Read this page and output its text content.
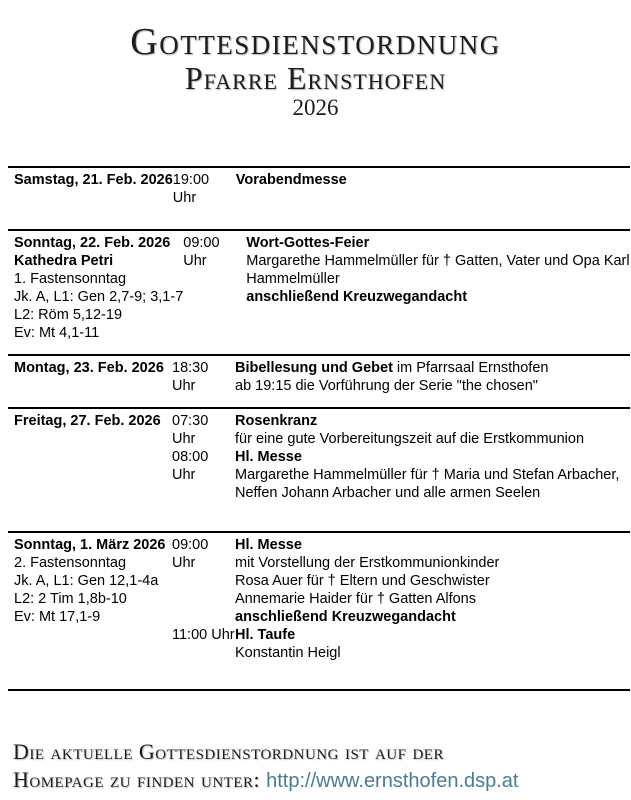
Gottesdienstordnung
Pfarre Ernsthofen
2026
Samstag, 21. Feb. 2026 19:00 Uhr
Vorabendmesse
Sonntag, 22. Feb. 2026
Kathedra Petri
1. Fastensonntag
Jk. A, L1: Gen 2,7-9; 3,1-7
L2: Röm 5,12-19
Ev: Mt 4,1-11
09:00 Uhr
Wort-Gottes-Feier
Margarethe Hammelmüller für † Gatten, Vater und Opa Karl Hammelmüller
anschließend Kreuzwegandacht
Montag, 23. Feb. 2026 18:30 Uhr
Bibellesung und Gebet im Pfarrsaal Ernsthofen
ab 19:15 die Vorführung der Serie "the chosen"
Freitag, 27. Feb. 2026 07:30 Uhr
Rosenkranz
für eine gute Vorbereitungszeit auf die Erstkommunion
08:00 Uhr
Hl. Messe
Margarethe Hammelmüller für † Maria und Stefan Arbacher, Neffen Johann Arbacher und alle armen Seelen
Sonntag, 1. März 2026
2. Fastensonntag
Jk. A, L1: Gen 12,1-4a
L2: 2 Tim 1,8b-10
Ev: Mt 17,1-9
09:00 Uhr
Hl. Messe
mit Vorstellung der Erstkommunionkinder
Rosa Auer für † Eltern und Geschwister
Annemarie Haider für † Gatten Alfons
anschließend Kreuzwegandacht
11:00 Uhr Hl. Taufe
Konstantin Heigl
Die aktuelle Gottesdienstordnung ist auf der
Homepage zu finden unter: http://www.ernsthofen.dsp.at
